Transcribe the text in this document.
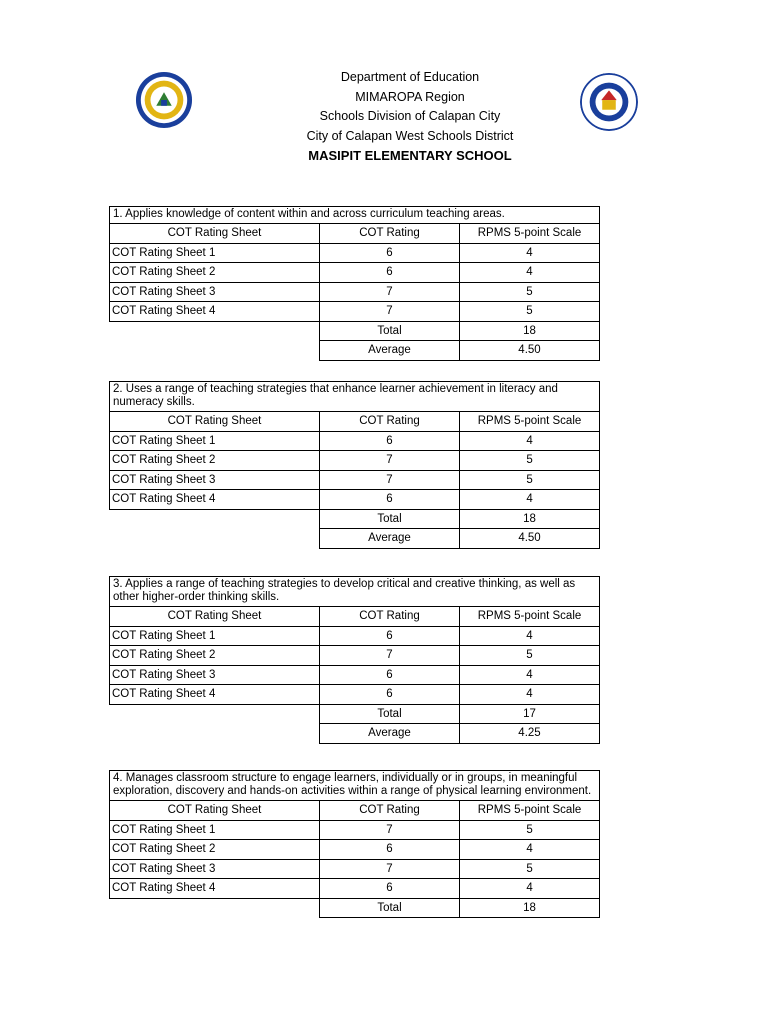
Department of Education
MIMAROPA Region
Schools Division of Calapan City
City of Calapan West Schools District
MASIPIT ELEMENTARY SCHOOL
1. Applies knowledge of content within and across curriculum teaching areas.		
COT Rating Sheet	COT Rating	RPMS 5-point Scale
COT Rating Sheet 1	6	4
COT Rating Sheet 2	6	4
COT Rating Sheet 3	7	5
COT Rating Sheet 4	7	5
	Total	18
	Average	4.50
2. Uses a range of teaching strategies that enhance learner achievement in literacy and numeracy skills.		
COT Rating Sheet	COT Rating	RPMS 5-point Scale
COT Rating Sheet 1	6	4
COT Rating Sheet 2	7	5
COT Rating Sheet 3	7	5
COT Rating Sheet 4	6	4
	Total	18
	Average	4.50
3. Applies a range of teaching strategies to develop critical and creative thinking, as well as other higher-order thinking skills.		
COT Rating Sheet	COT Rating	RPMS 5-point Scale
COT Rating Sheet 1	6	4
COT Rating Sheet 2	7	5
COT Rating Sheet 3	6	4
COT Rating Sheet 4	6	4
	Total	17
	Average	4.25
4. Manages classroom structure to engage learners, individually or in groups, in meaningful exploration, discovery and hands-on activities within a range of physical learning environment.		
COT Rating Sheet	COT Rating	RPMS 5-point Scale
COT Rating Sheet 1	7	5
COT Rating Sheet 2	6	4
COT Rating Sheet 3	7	5
COT Rating Sheet 4	6	4
	Total	18
